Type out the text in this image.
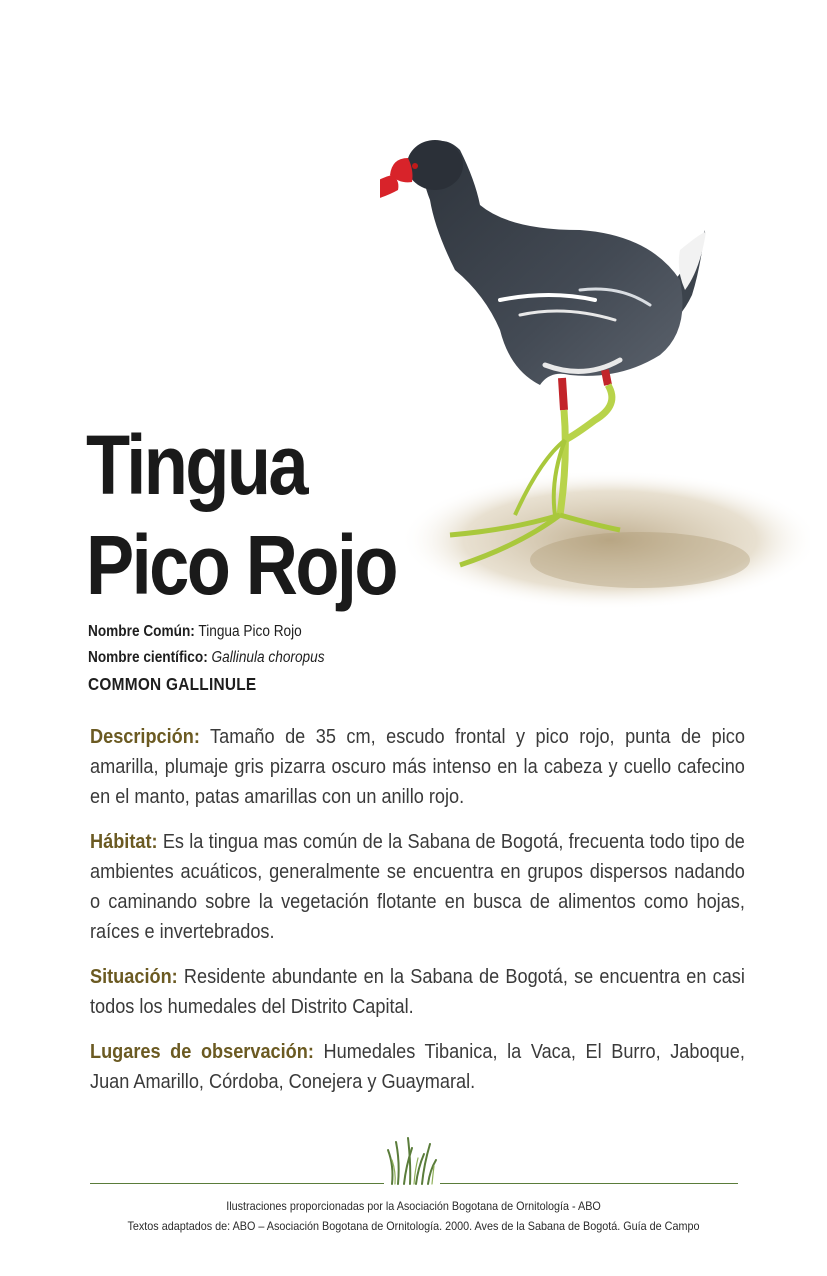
Tingua
Pico Rojo
Nombre Común: Tingua Pico Rojo
Nombre científico: Gallinula choropus
COMMON GALLINULE

Descripción: Tamaño de 35 cm, escudo frontal y pico rojo, punta de pico amarilla, plumaje gris pizarra oscuro más intenso en la cabeza y cuello cafecino en el manto, patas amarillas con un anillo rojo.

Hábitat: Es la tingua mas común de la Sabana de Bogotá, frecuenta todo tipo de ambientes acuáticos, generalmente se encuentra en grupos dispersos nadando o caminando sobre la vegetación flotante en busca de alimentos como hojas, raíces e invertebrados.

Situación: Residente abundante en la Sabana de Bogotá, se encuentra en casi todos los humedales del Distrito Capital.

Lugares de observación: Humedales Tibanica, la Vaca, El Burro, Jaboque, Juan Amarillo, Córdoba, Conejera y Guaymaral.

Ilustraciones proporcionadas por la Asociación Bogotana de Ornitología - ABO
Textos adaptados de: ABO – Asociación Bogotana de Ornitología. 2000. Aves de la Sabana de Bogotá. Guía de Campo
